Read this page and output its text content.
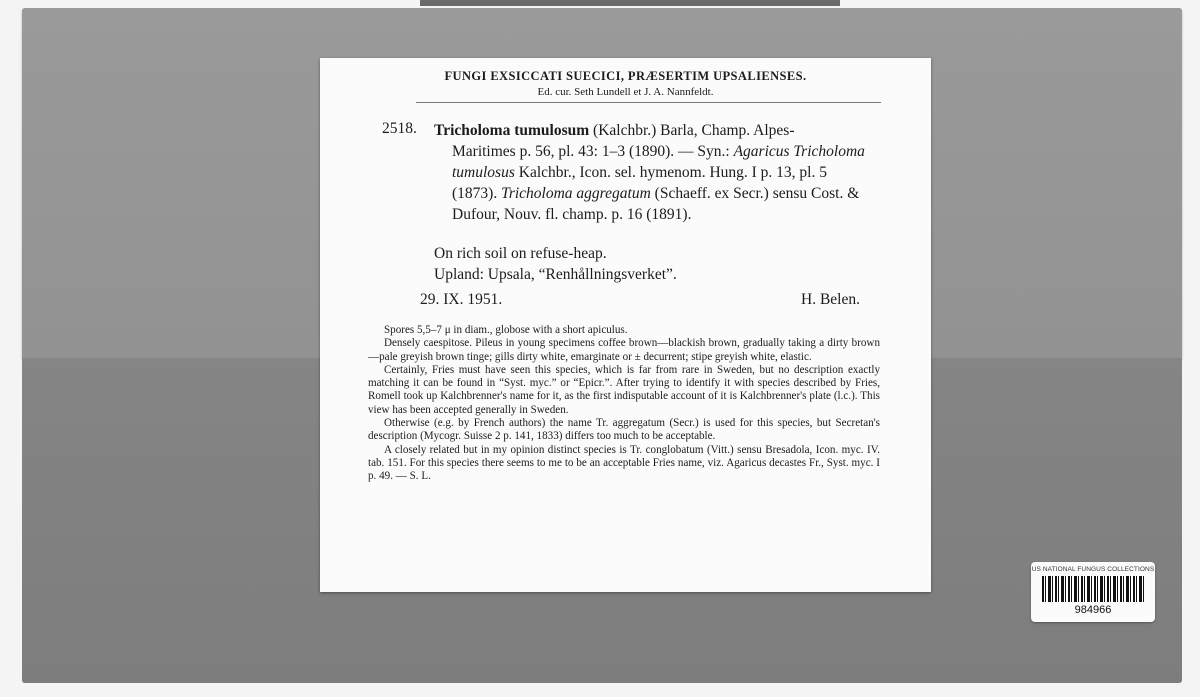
FUNGI EXSICCATI SUECICI, PRÆSERTIM UPSALIENSES.
Ed. cur. Seth Lundell et J. A. Nannfeldt.
2518. Tricholoma tumulosum (Kalchbr.) Barla, Champ. Alpes-
Maritimes p. 56, pl. 43: 1–3 (1890). — Syn.: Agaricus Tricholoma tumulosus Kalchbr., Icon. sel. hymenom. Hung. I p. 13, pl. 5 (1873). Tricholoma aggregatum (Schaeff. ex Secr.) sensu Cost. & Dufour, Nouv. fl. champ. p. 16 (1891).
On rich soil on refuse-heap.
Upland: Upsala, “Renhållningsverket”.
29. IX. 1951.	H. Belen.

Spores 5,5–7 μ in diam., globose with a short apiculus.

Densely caespitose. Pileus in young specimens coffee brown—blackish brown, gradually taking a dirty brown—pale greyish brown tinge; gills dirty white, emarginate or ± decurrent; stipe greyish white, elastic.

Certainly, Fries must have seen this species, which is far from rare in Sweden, but no description exactly matching it can be found in “Syst. myc.” or “Epicr.”. After trying to identify it with species described by Fries, Romell took up Kalchbrenner's name for it, as the first indisputable account of it is Kalchbrenner's plate (l.c.). This view has been accepted generally in Sweden.

Otherwise (e.g. by French authors) the name Tr. aggregatum (Secr.) is used for this species, but Secretan's description (Mycogr. Suisse 2 p. 141, 1833) differs too much to be acceptable.

A closely related but in my opinion distinct species is Tr. conglobatum (Vitt.) sensu Bresadola, Icon. myc. IV. tab. 151. For this species there seems to me to be an acceptable Fries name, viz. Agaricus decastes Fr., Syst. myc. I p. 49. — S. L.

US NATIONAL FUNGUS COLLECTIONS
984966
